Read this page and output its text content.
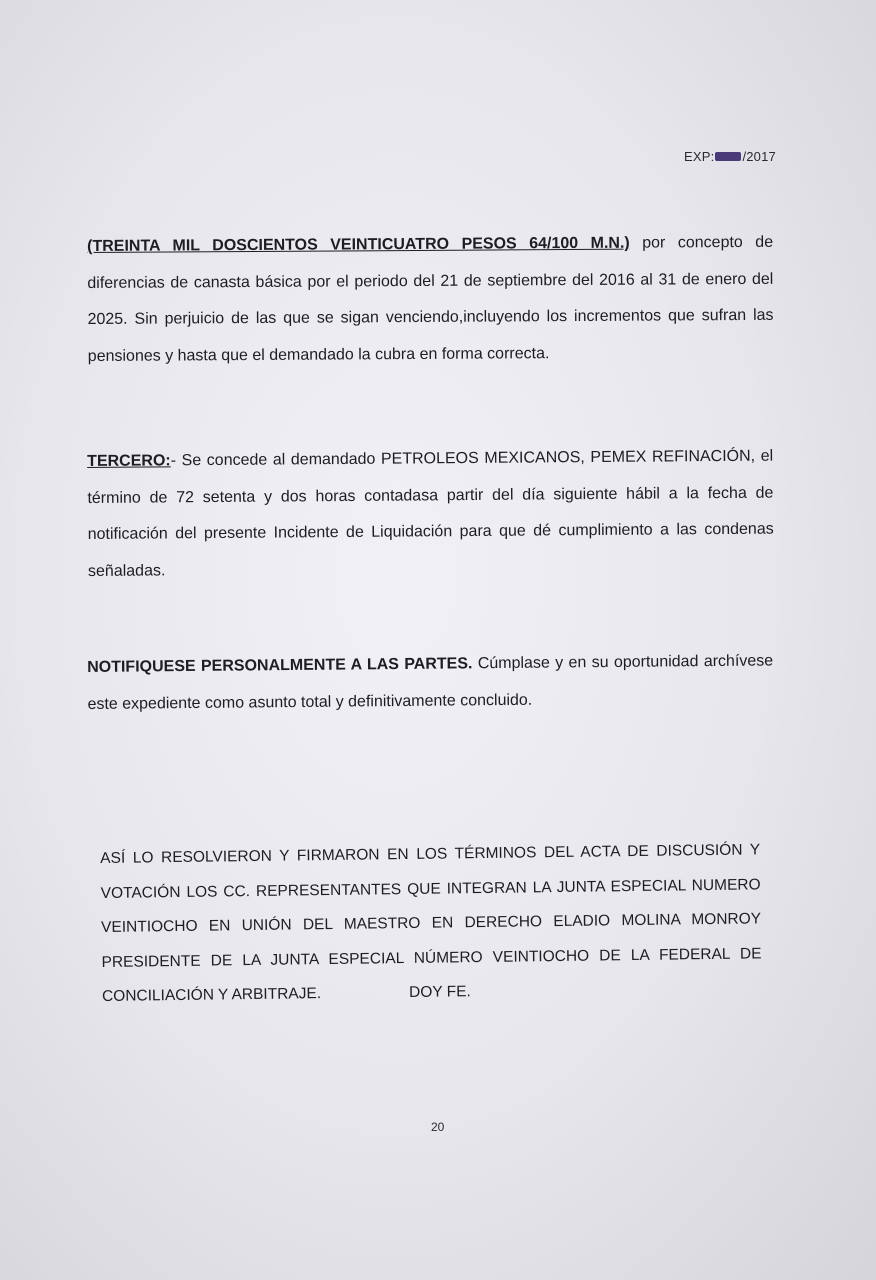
EXP: /2017

(TREINTA MIL DOSCIENTOS VEINTICUATRO PESOS 64/100 M.N.) por concepto de diferencias de canasta básica por el periodo del 21 de septiembre del 2016 al 31 de enero del 2025. Sin perjuicio de las que se sigan venciendo,incluyendo los incrementos que sufran las pensiones y hasta que el demandado la cubra en forma correcta.

TERCERO:- Se concede al demandado PETROLEOS MEXICANOS, PEMEX REFINACIÓN, el término de 72 setenta y dos horas contadasa partir del día siguiente hábil a la fecha de notificación del presente Incidente de Liquidación para que dé cumplimiento a las condenas señaladas.

NOTIFIQUESE PERSONALMENTE A LAS PARTES. Cúmplase y en su oportunidad archívese este expediente como asunto total y definitivamente concluido.

ASÍ LO RESOLVIERON Y FIRMARON EN LOS TÉRMINOS DEL ACTA DE DISCUSIÓN Y VOTACIÓN LOS CC. REPRESENTANTES QUE INTEGRAN LA JUNTA ESPECIAL NUMERO VEINTIOCHO EN UNIÓN DEL MAESTRO EN DERECHO ELADIO MOLINA MONROY PRESIDENTE DE LA JUNTA ESPECIAL NÚMERO VEINTIOCHO DE LA FEDERAL DE CONCILIACIÓN Y ARBITRAJE.	DOY FE.

20
